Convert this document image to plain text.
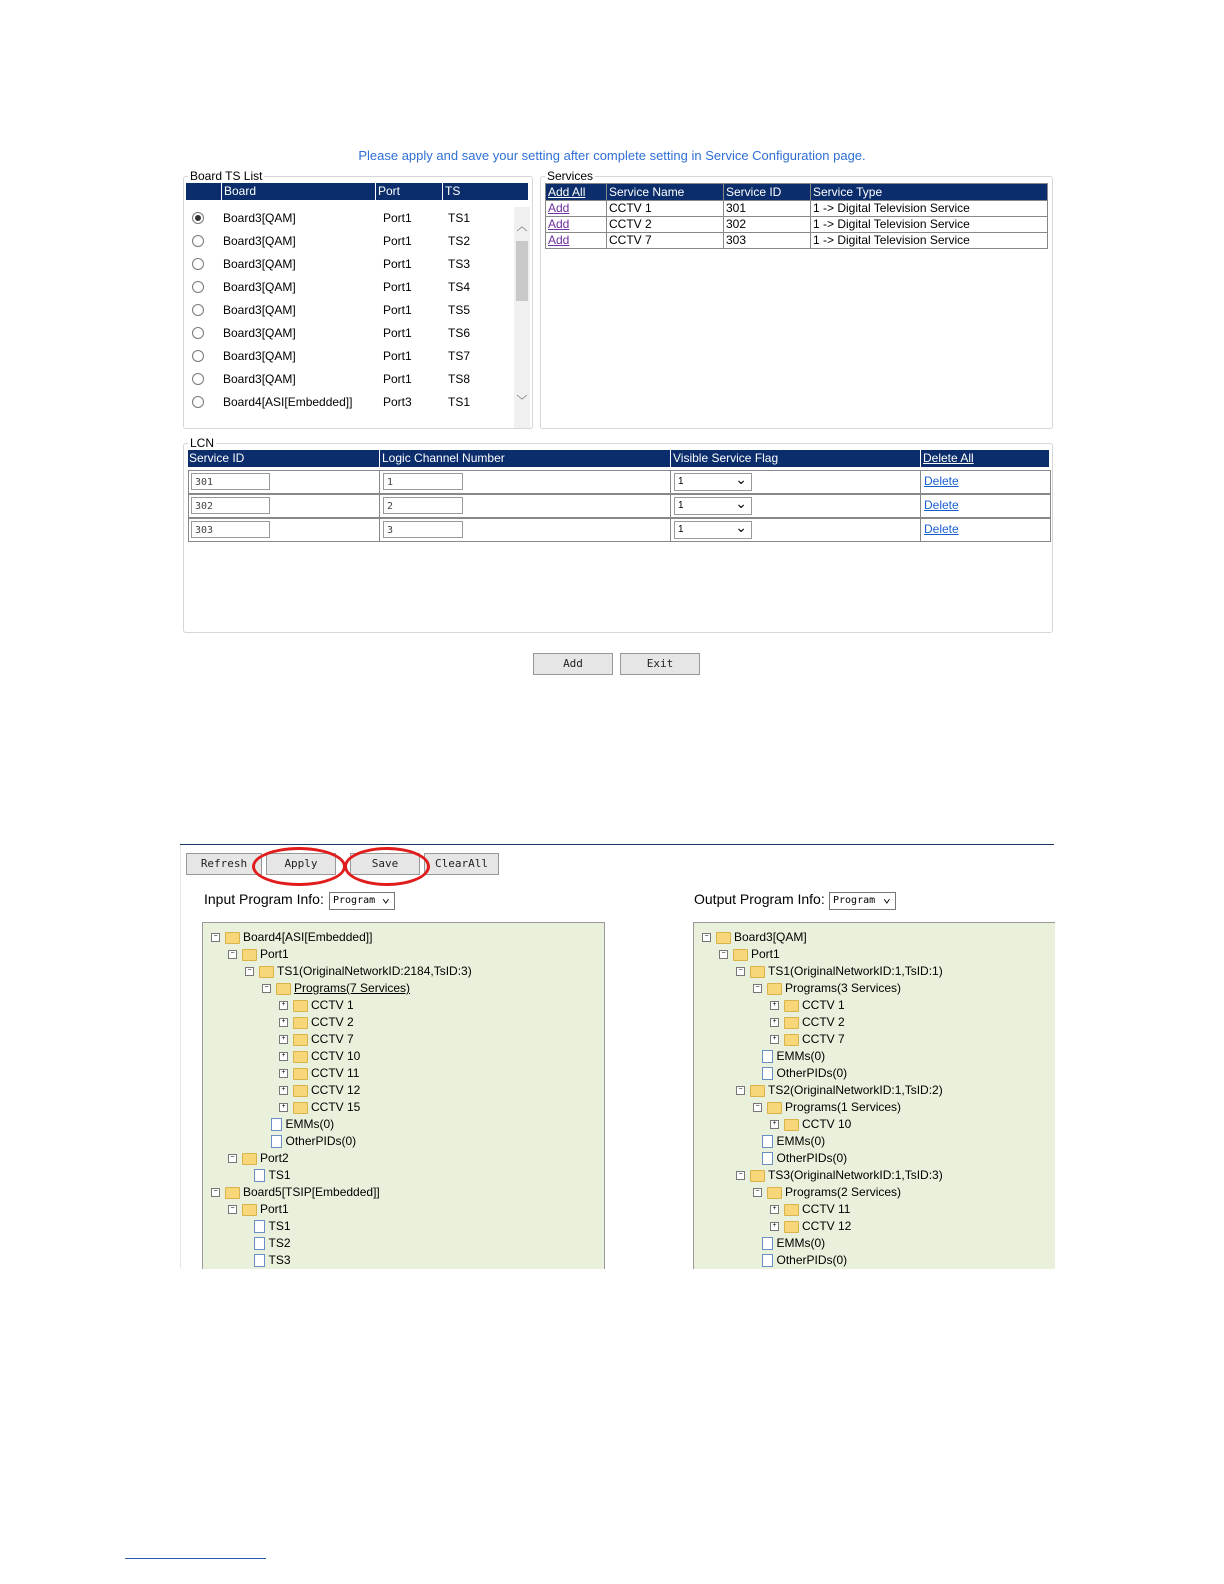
Please apply and save your setting after complete setting in Service Configuration page.
Board TS List
Board	Port	TS
Board3[QAM]	Port1	TS1
Board3[QAM]	Port1	TS2
Board3[QAM]	Port1	TS3
Board3[QAM]	Port1	TS4
Board3[QAM]	Port1	TS5
Board3[QAM]	Port1	TS6
Board3[QAM]	Port1	TS7
Board3[QAM]	Port1	TS8
Board4[ASI[Embedded]]	Port3	TS1
︿
﹀
Services
Add All	Service Name	Service ID	Service Type
Add	CCTV 1	301	1 -> Digital Television Service
Add	CCTV 2	302	1 -> Digital Television Service
Add	CCTV 7	303	1 -> Digital Television Service
LCN
Service ID	Logic Channel Number	Visible Service Flag	Delete All
301	1	1 ⌄	Delete
302	2	1 ⌄	Delete
303	3	1 ⌄	Delete
Add	Exit
Refresh	Apply	Save	ClearAll
Input Program Info: Program ⌄	Output Program Info: Program ⌄
− Board4[ASI[Embedded]]
− Port1
− TS1(OriginalNetworkID:2184,TsID:3)
− Programs(7 Services)
+ CCTV 1
+ CCTV 2
+ CCTV 7
+ CCTV 10
+ CCTV 11
+ CCTV 12
+ CCTV 15
EMMs(0)
OtherPIDs(0)
− Port2
TS1
− Board5[TSIP[Embedded]]
− Port1
TS1
TS2
TS3
− Board3[QAM]
− Port1
− TS1(OriginalNetworkID:1,TsID:1)
− Programs(3 Services)
+ CCTV 1
+ CCTV 2
+ CCTV 7
EMMs(0)
OtherPIDs(0)
− TS2(OriginalNetworkID:1,TsID:2)
− Programs(1 Services)
+ CCTV 10
EMMs(0)
OtherPIDs(0)
− TS3(OriginalNetworkID:1,TsID:3)
− Programs(2 Services)
+ CCTV 11
+ CCTV 12
EMMs(0)
OtherPIDs(0)
